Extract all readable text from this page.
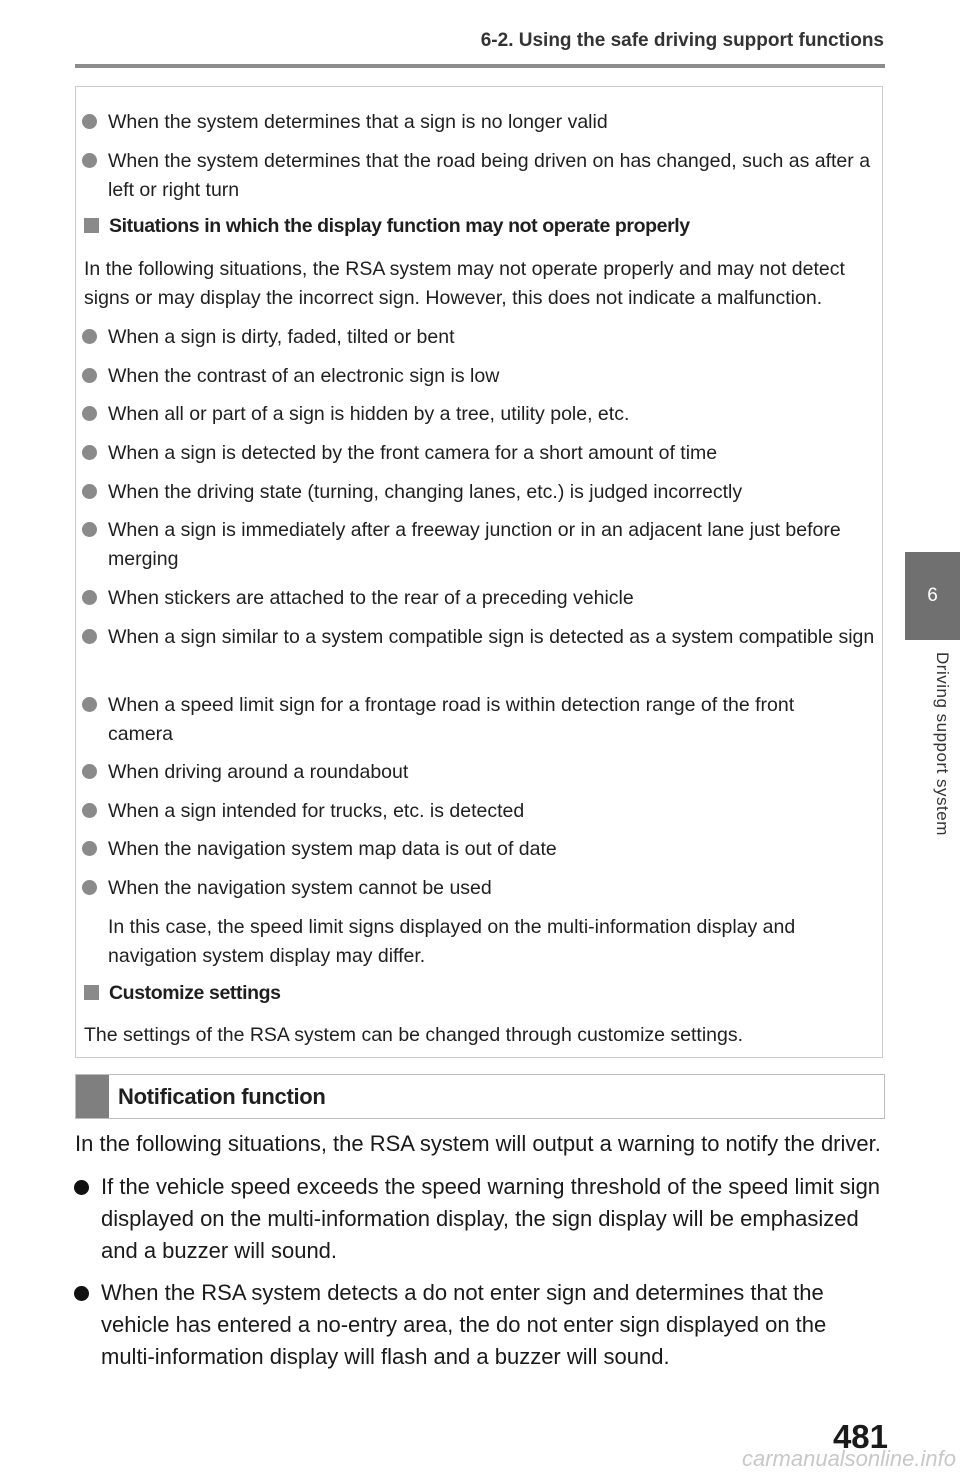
6-2. Using the safe driving support functions
6
Driving support system
When the system determines that a sign is no longer valid
When the system determines that the road being driven on has changed, such as after a left or right turn
Situations in which the display function may not operate properly
In the following situations, the RSA system may not operate properly and may not detect signs or may display the incorrect sign. However, this does not indicate a malfunction.
When a sign is dirty, faded, tilted or bent
When the contrast of an electronic sign is low
When all or part of a sign is hidden by a tree, utility pole, etc.
When a sign is detected by the front camera for a short amount of time
When the driving state (turning, changing lanes, etc.) is judged incorrectly
When a sign is immediately after a freeway junction or in an adjacent lane just before merging
When stickers are attached to the rear of a preceding vehicle
When a sign similar to a system compatible sign is detected as a system compatible sign
When a speed limit sign for a frontage road is within detection range of the front camera
When driving around a roundabout
When a sign intended for trucks, etc. is detected
When the navigation system map data is out of date
When the navigation system cannot be used
In this case, the speed limit signs displayed on the multi-information display and navigation system display may differ.
Customize settings
The settings of the RSA system can be changed through customize settings.
Notification function
In the following situations, the RSA system will output a warning to notify the driver.
If the vehicle speed exceeds the speed warning threshold of the speed limit sign displayed on the multi-information display, the sign display will be emphasized and a buzzer will sound.
When the RSA system detects a do not enter sign and determines that the vehicle has entered a no-entry area, the do not enter sign displayed on the multi-information display will flash and a buzzer will sound.
481
carmanualsonline.info
